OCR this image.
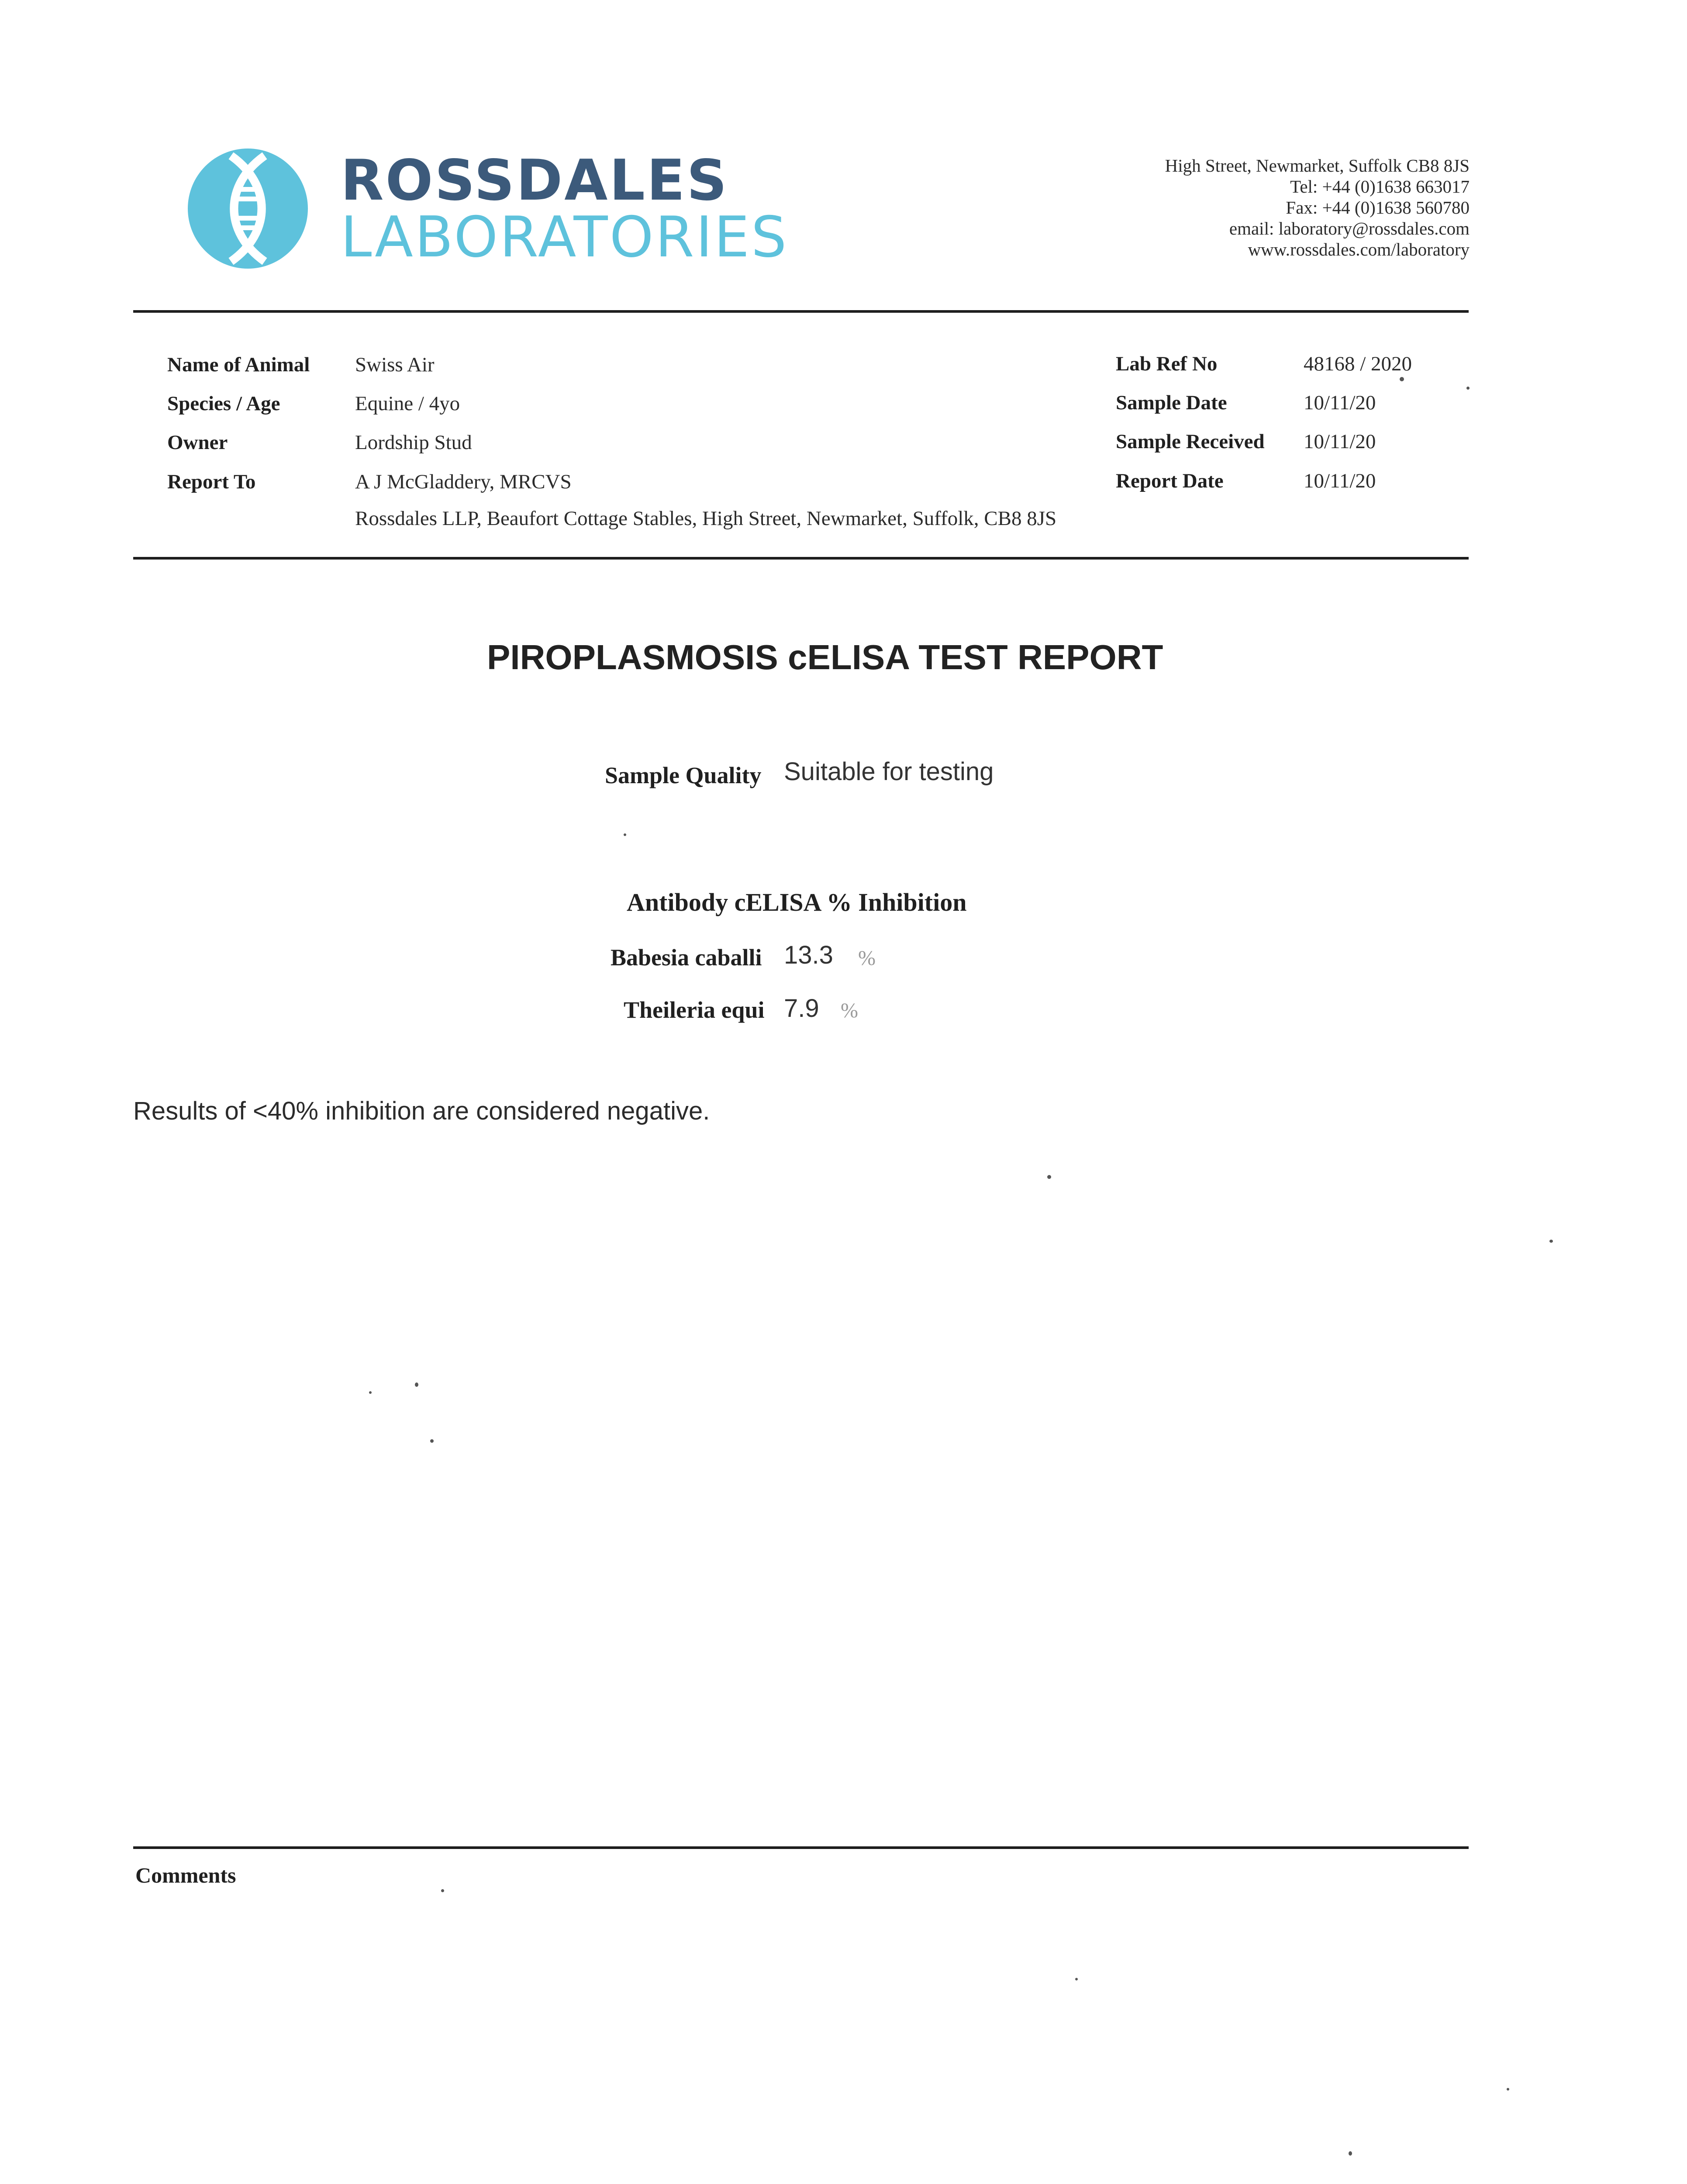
ROSSDALES
LABORATORIES
High Street, Newmarket, Suffolk CB8 8JS
Tel: +44 (0)1638 663017
Fax: +44 (0)1638 560780
email: laboratory@rossdales.com
www.rossdales.com/laboratory
Name of Animal Swiss Air
Species / Age	Equine / 4yo
Owner	Lordship Stud
Report To	A J McGladdery, MRCVS
Rossdales LLP, Beaufort Cottage Stables, High Street, Newmarket, Suffolk, CB8 8JS
Lab Ref No	48168 / 2020
Sample Date	10/11/20
Sample Received 10/11/20
Report Date	10/11/20
PIROPLASMOSIS cELISA TEST REPORT
Sample Quality Suitable for testing
Antibody cELISA % Inhibition
Babesia caballi 13.3 %
Theileria equi 7.9 %
Results of <40% inhibition are considered negative.
Comments
